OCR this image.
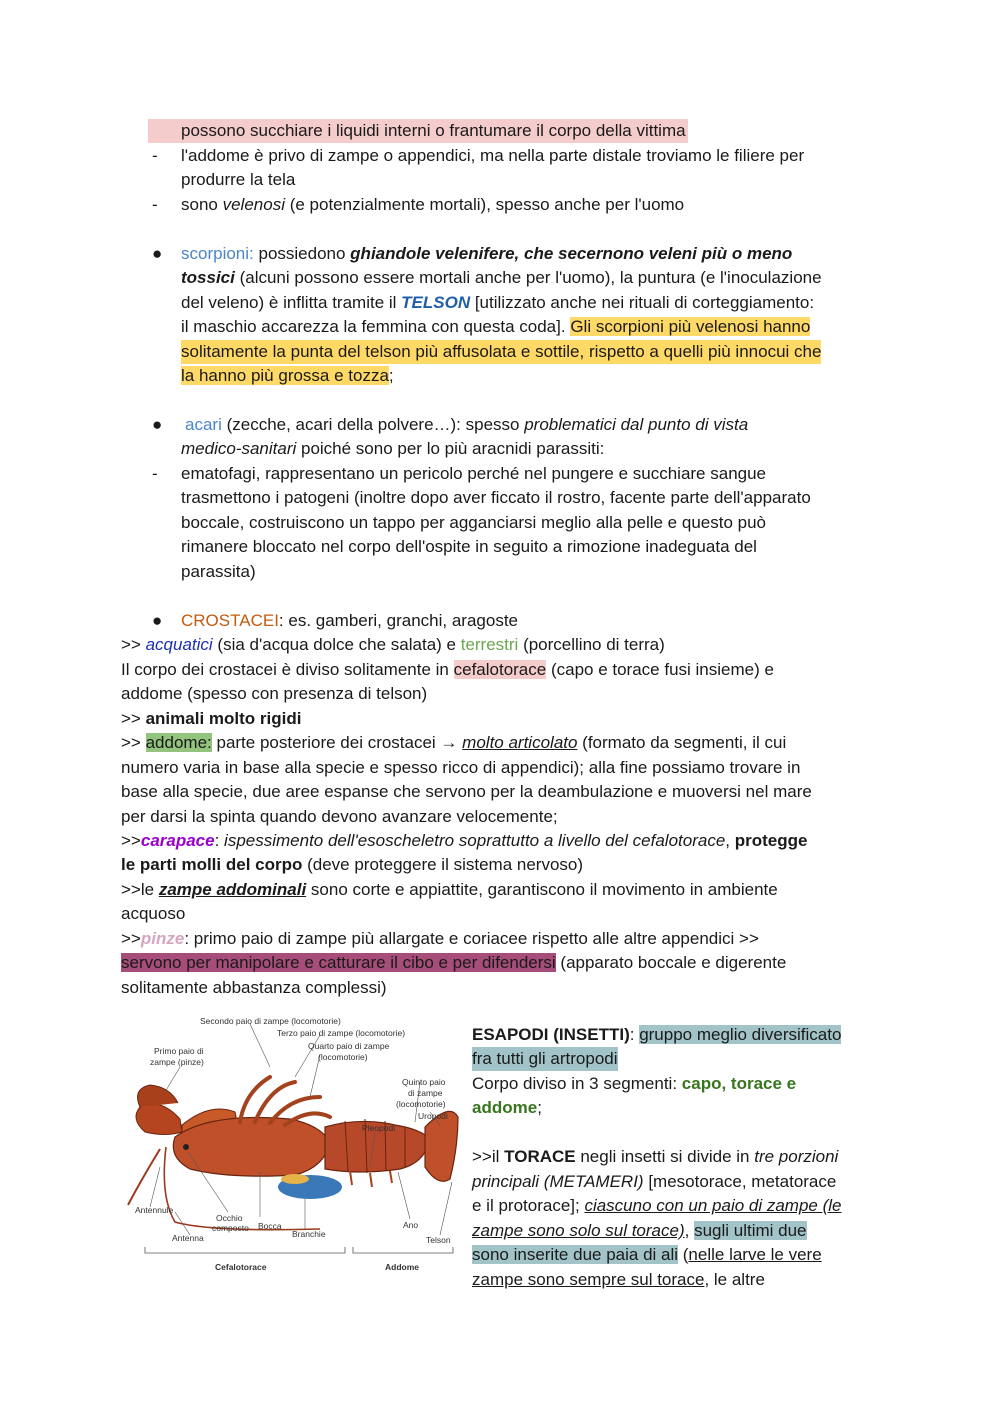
possono succhiare i liquidi interni o frantumare il corpo della vittima
- l'addome è privo di zampe o appendici, ma nella parte distale troviamo le filiere per
produrre la tela
- sono velenosi (e potenzialmente mortali), spesso anche per l'uomo
● scorpioni: possiedono ghiandole velenifere, che secernono veleni più o meno
tossici (alcuni possono essere mortali anche per l'uomo), la puntura (e l'inoculazione
del veleno) è inflitta tramite il TELSON [utilizzato anche nei rituali di corteggiamento:
il maschio accarezza la femmina con questa coda]. Gli scorpioni più velenosi hanno
solitamente la punta del telson più affusolata e sottile, rispetto a quelli più innocui che
la hanno più grossa e tozza;
● acari (zecche, acari della polvere…): spesso problematici dal punto di vista
medico-sanitari poiché sono per lo più aracnidi parassiti:
- ematofagi, rappresentano un pericolo perché nel pungere e succhiare sangue
trasmettono i patogeni (inoltre dopo aver ficcato il rostro, facente parte dell'apparato
boccale, costruiscono un tappo per agganciarsi meglio alla pelle e questo può
rimanere bloccato nel corpo dell'ospite in seguito a rimozione inadeguata del
parassita)
● CROSTACEI: es. gamberi, granchi, aragoste
>> acquatici (sia d'acqua dolce che salata) e terrestri (porcellino di terra)
Il corpo dei crostacei è diviso solitamente in cefalotorace (capo e torace fusi insieme) e
addome (spesso con presenza di telson)
>> animali molto rigidi
>> addome: parte posteriore dei crostacei → molto articolato (formato da segmenti, il cui
numero varia in base alla specie e spesso ricco di appendici); alla fine possiamo trovare in
base alla specie, due aree espanse che servono per la deambulazione e muoversi nel mare
per darsi la spinta quando devono avanzare velocemente;
>>carapace: ispessimento dell'esoscheletro soprattutto a livello del cefalotorace, protegge
le parti molli del corpo (deve proteggere il sistema nervoso)
>>le zampe addominali sono corte e appiattite, garantiscono il movimento in ambiente
acquoso
>>pinze: primo paio di zampe più allargate e coriacee rispetto alle altre appendici >>
servono per manipolare e catturare il cibo e per difendersi (apparato boccale e digerente
solitamente abbastanza complessi)
Secondo paio di zampe (locomotorie)
Terzo paio di zampe (locomotorie)
Quarto paio di zampe
(locomotorie)
Primo paio di
zampe (pinze)
Quinto paio
di zampe
(locomotorie)
Uropodi
Pleopodi
Antennule
Occhio
composto Bocca
Branchie
Ano
Antenna	Telson
Cefalotorace	Addome
ESAPODI (INSETTI): gruppo meglio diversificato
fra tutti gli artropodi
Corpo diviso in 3 segmenti: capo, torace e
addome;
>>il TORACE negli insetti si divide in tre porzioni
principali (METAMERI) [mesotorace, metatorace
e il protorace]; ciascuno con un paio di zampe (le
zampe sono solo sul torace), sugli ultimi due
sono inserite due paia di ali (nelle larve le vere
zampe sono sempre sul torace, le altre
